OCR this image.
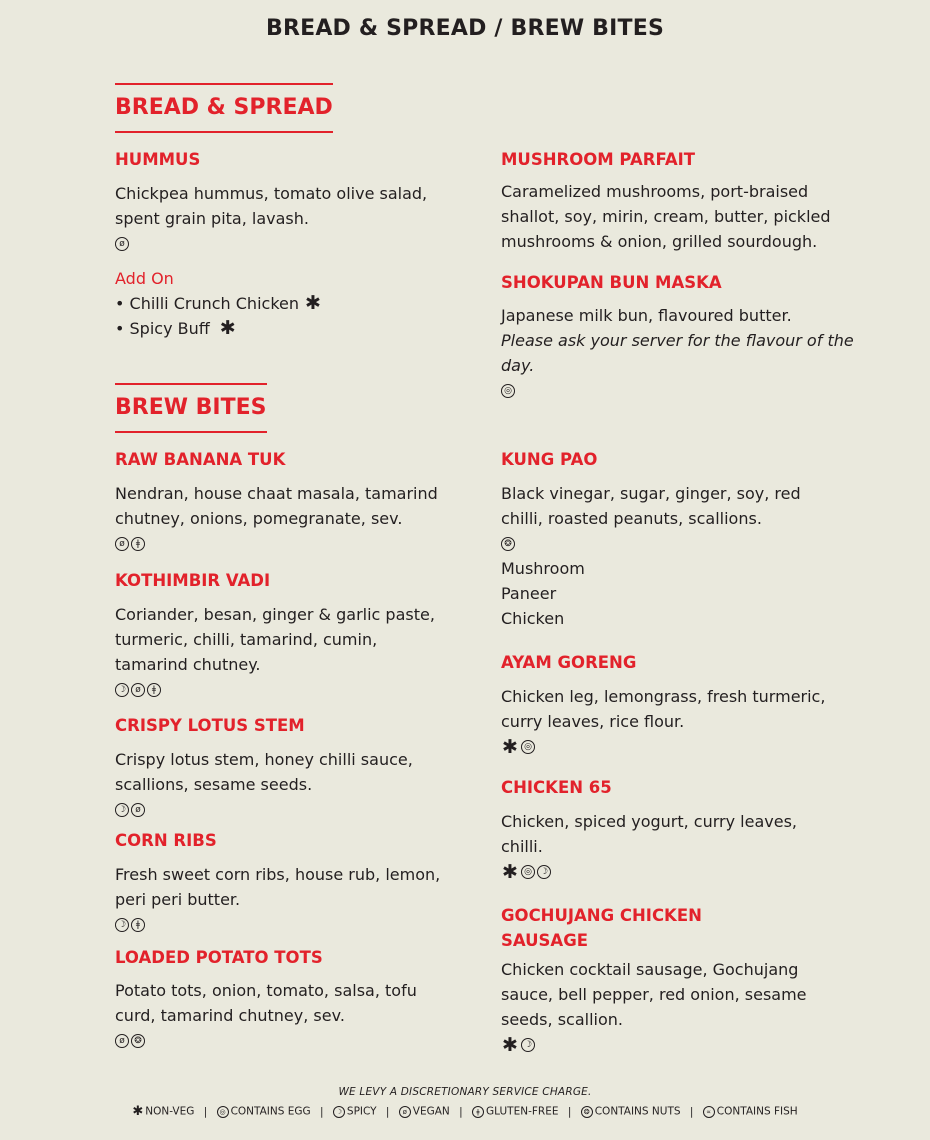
BREAD & SPREAD / BREW BITES
BREAD & SPREAD
HUMMUS
Chickpea hummus, tomato olive salad, spent grain pita, lavash.
ø
Add On
• Chilli Crunch Chicken ✱
• Spicy Buff ✱
MUSHROOM PARFAIT
Caramelized mushrooms, port-braised shallot, soy, mirin, cream, butter, pickled mushrooms & onion, grilled sourdough.
SHOKUPAN BUN MASKA
Japanese milk bun, flavoured butter.
Please ask your server for the flavour of the day.
◎
BREW BITES
RAW BANANA TUK
Nendran, house chaat masala, tamarind chutney, onions, pomegranate, sev.
ø	ǂ
KOTHIMBIR VADI
Coriander, besan, ginger & garlic paste, turmeric, chilli, tamarind, cumin, tamarind chutney.
☽	ø	ǂ
CRISPY LOTUS STEM
Crispy lotus stem, honey chilli sauce, scallions, sesame seeds.
☽	ø
CORN RIBS
Fresh sweet corn ribs, house rub, lemon, peri peri butter.
☽	ǂ
LOADED POTATO TOTS
Potato tots, onion, tomato, salsa, tofu curd, tamarind chutney, sev.
ø	❂
KUNG PAO
Black vinegar, sugar, ginger, soy, red chilli, roasted peanuts, scallions.
❂
Mushroom
Paneer
Chicken
AYAM GORENG
Chicken leg, lemongrass, fresh turmeric, curry leaves, rice flour.
✱ ◎
CHICKEN 65
Chicken, spiced yogurt, curry leaves, chilli.
✱ ◎ ☽
GOCHUJANG CHICKEN SAUSAGE
Chicken cocktail sausage, Gochujang sauce, bell pepper, red onion, sesame seeds, scallion.
✱ ☽
WE LEVY A DISCRETIONARY SERVICE CHARGE.
✱ NON-VEG | ◎ CONTAINS EGG | ☽ SPICY | ø VEGAN | ǂ GLUTEN-FREE | ❂ CONTAINS NUTS | ∝ CONTAINS FISH
